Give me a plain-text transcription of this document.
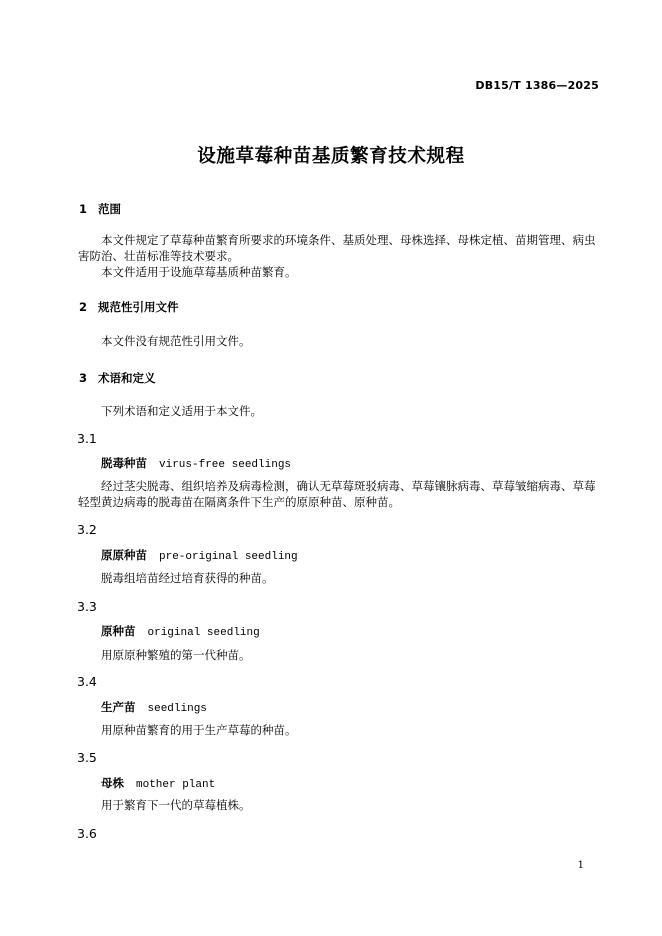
DB15/T 1386—2025
设施草莓种苗基质繁育技术规程
1 范围
本文件规定了草莓种苗繁育所要求的环境条件、基质处理、母株选择、母株定植、苗期管理、病虫害防治、壮苗标准等技术要求。
本文件适用于设施草莓基质种苗繁育。
2 规范性引用文件
本文件没有规范性引用文件。
3 术语和定义
下列术语和定义适用于本文件。
3.1
脱毒种苗 virus-free seedlings
经过茎尖脱毒、组织培养及病毒检测，确认无草莓斑驳病毒、草莓镶脉病毒、草莓皱缩病毒、草莓轻型黄边病毒的脱毒苗在隔离条件下生产的原原种苗、原种苗。
3.2
原原种苗 pre-original seedling
脱毒组培苗经过培育获得的种苗。
3.3
原种苗 original seedling
用原原种繁殖的第一代种苗。
3.4
生产苗 seedlings
用原种苗繁育的用于生产草莓的种苗。
3.5
母株 mother plant
用于繁育下一代的草莓植株。
3.6
1
